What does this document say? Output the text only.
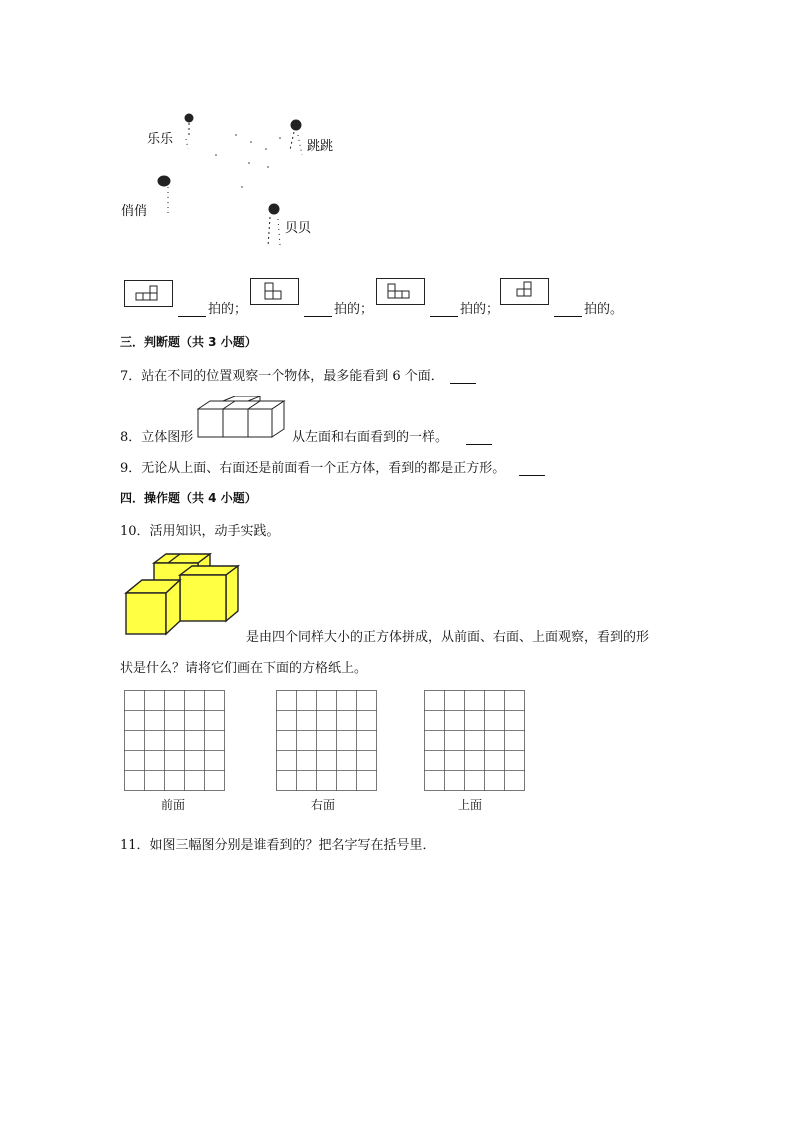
乐乐	跳跳
俏俏
贝贝
拍的；	拍的；	拍的；	拍的。
三．判断题（共 3 小题）
7．站在不同的位置观察一个物体，最多能看到 6 个面．
8．立体图形	从左面和右面看到的一样。
9．无论从上面、右面还是前面看一个正方体，看到的都是正方形。
四．操作题（共 4 小题）
10．活用知识，动手实践。
是由四个同样大小的正方体拼成，从前面、右面、上面观察，看到的形
状是什么？请将它们画在下面的方格纸上。
前面	右面	上面
11．如图三幅图分别是谁看到的？把名字写在括号里．
